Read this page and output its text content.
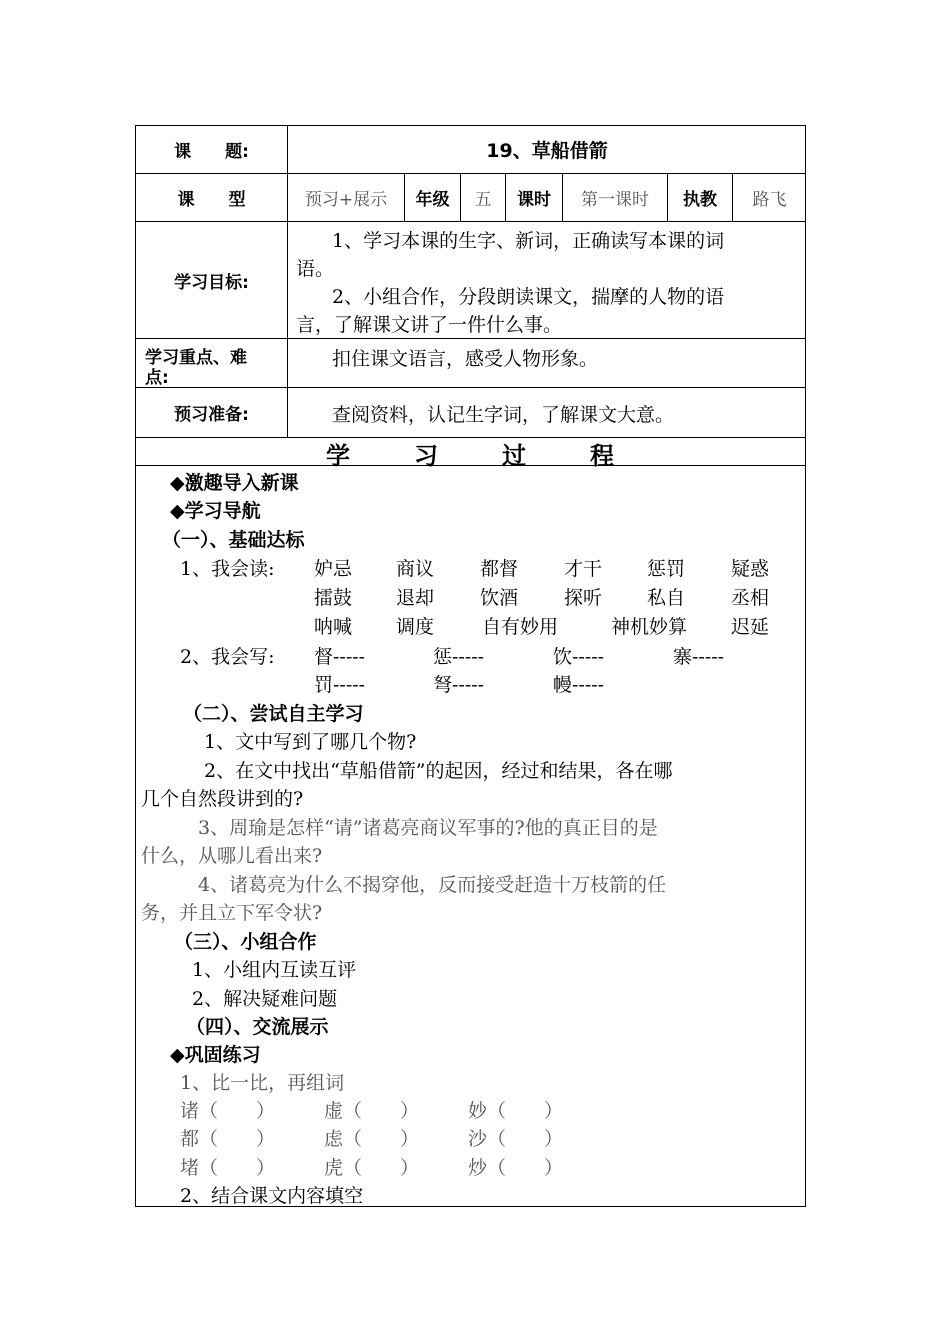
课　　题:	19、草船借箭
课　　型	预习+展示	年级	五	课时	第一课时	执教	路飞
学习目标:
1、学习本课的生字、新词，正确读写本课的词
语。
2、小组合作，分段朗读课文，揣摩的人物的语
言，了解课文讲了一件什么事。
学习重点、难
点:
扣住课文语言，感受人物形象。
预习准备:	查阅资料，认记生字词，了解课文大意。
学	习	过	程
◆激趣导入新课
◆学习导航
（一）、基础达标
1、我会读: 妒忌 商议 都督 才干 惩罚 疑惑
擂鼓 退却 饮酒 探听 私自 丞相
呐喊 调度	自有妙用	神机妙算 迟延
2、我会写: 督-----	惩-----	饮-----	寨-----
罚-----	弩-----	幔-----
（二）、尝试自主学习
1、文中写到了哪几个物?
2、在文中找出“草船借箭”的起因，经过和结果，各在哪
几个自然段讲到的?
3、周瑜是怎样“请”诸葛亮商议军事的?他的真正目的是
什么，从哪儿看出来?
4、诸葛亮为什么不揭穿他，反而接受赶造十万枝箭的任
务，并且立下军令状?
（三）、小组合作
1、小组内互读互评
2、解决疑难问题
（四）、交流展示
◆巩固练习
1、比一比，再组词
诸（　　）	虚（　　）	妙（　　）
都（　　）	虑（　　）	沙（　　）
堵（　　）	虎（　　）	炒（　　）
2、结合课文内容填空
